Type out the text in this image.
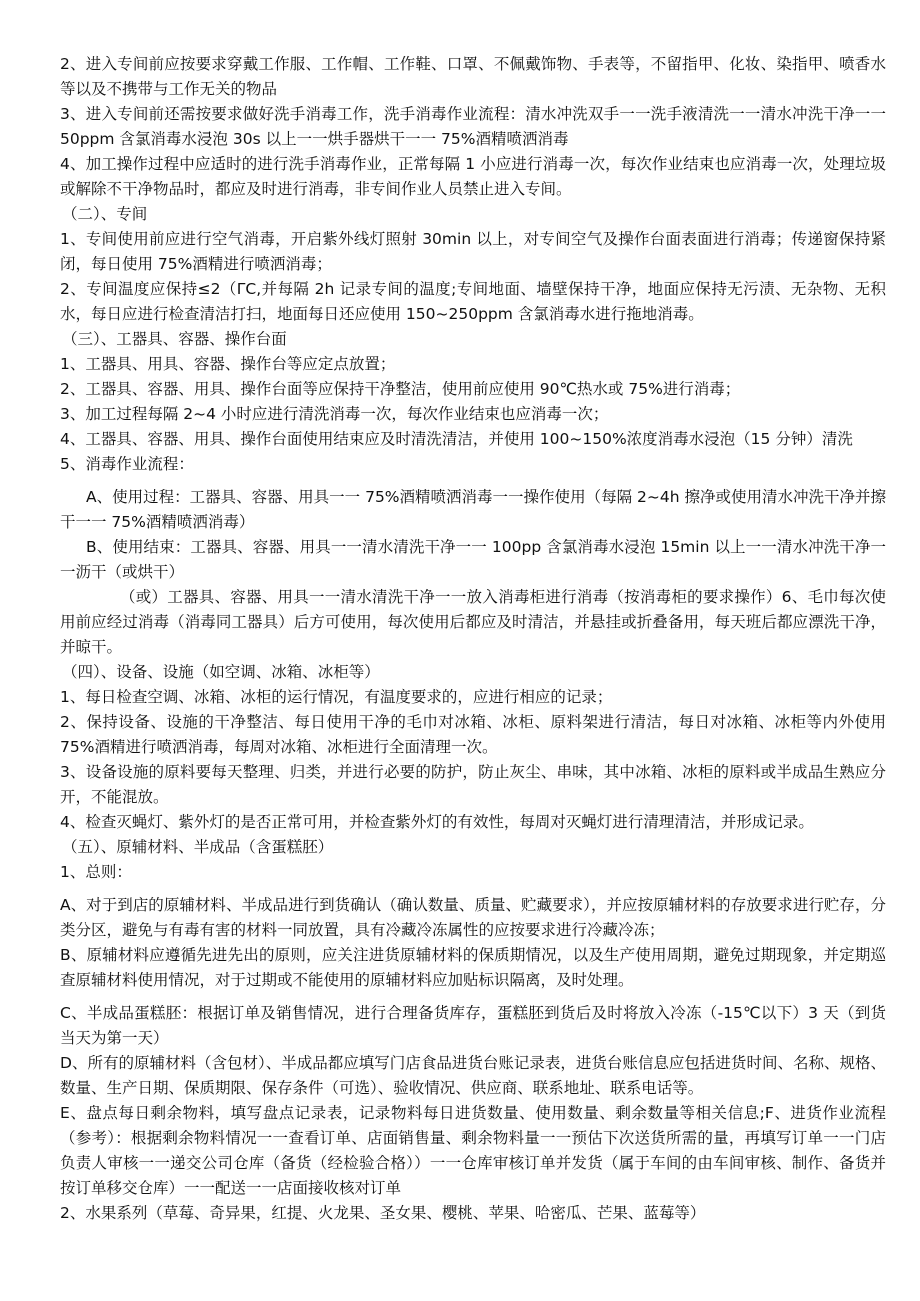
2、进入专间前应按要求穿戴工作服、工作帽、工作鞋、口罩、不佩戴饰物、手表等，不留指甲、化妆、染指甲、喷香水等以及不携带与工作无关的物品

3、进入专间前还需按要求做好洗手消毒工作，洗手消毒作业流程：清水冲洗双手一一洗手液清洗一一清水冲洗干净一一 50ppm 含氯消毒水浸泡 30s 以上一一烘手器烘干一一 75%酒精喷洒消毒

4、加工操作过程中应适时的进行洗手消毒作业，正常每隔 1 小应进行消毒一次，每次作业结束也应消毒一次，处理垃圾或解除不干净物品时，都应及时进行消毒，非专间作业人员禁止进入专间。

（二）、专间

1、专间使用前应进行空气消毒，开启紫外线灯照射 30min 以上，对专间空气及操作台面表面进行消毒；传递窗保持紧闭，每日使用 75%酒精进行喷洒消毒；

2、专间温度应保持≤2（ΓC,并每隔 2h 记录专间的温度;专间地面、墙壁保持干净，地面应保持无污渍、无杂物、无积水，每日应进行检查清洁打扫，地面每日还应使用 150~250ppm 含氯消毒水进行拖地消毒。

（三）、工器具、容器、操作台面

1、工器具、用具、容器、操作台等应定点放置；

2、工器具、容器、用具、操作台面等应保持干净整洁，使用前应使用 90℃热水或 75%进行消毒；

3、加工过程每隔 2~4 小时应进行清洗消毒一次，每次作业结束也应消毒一次；

4、工器具、容器、用具、操作台面使用结束应及时清洗清洁，并使用 100~150%浓度消毒水浸泡（15 分钟）清洗

5、消毒作业流程：

A、使用过程：工器具、容器、用具一一 75%酒精喷洒消毒一一操作使用（每隔 2~4h 擦净或使用清水冲洗干净并擦干一一 75%酒精喷洒消毒）

B、使用结束：工器具、容器、用具一一清水清洗干净一一 100pp 含氯消毒水浸泡 15min 以上一一清水冲洗干净一一沥干（或烘干）

（或）工器具、容器、用具一一清水清洗干净一一放入消毒柜进行消毒（按消毒柜的要求操作）6、毛巾每次使用前应经过消毒（消毒同工器具）后方可使用，每次使用后都应及时清洁，并悬挂或折叠备用，每天班后都应漂洗干净，并晾干。

（四）、设备、设施（如空调、冰箱、冰柜等）

1、每日检查空调、冰箱、冰柜的运行情况，有温度要求的，应进行相应的记录；

2、保持设备、设施的干净整洁、每日使用干净的毛巾对冰箱、冰柜、原料架进行清洁，每日对冰箱、冰柜等内外使用 75%酒精进行喷洒消毒，每周对冰箱、冰柜进行全面清理一次。

3、设备设施的原料要每天整理、归类，并进行必要的防护，防止灰尘、串味，其中冰箱、冰柜的原料或半成品生熟应分开，不能混放。

4、检查灭蝇灯、紫外灯的是否正常可用，并检查紫外灯的有效性，每周对灭蝇灯进行清理清洁，并形成记录。

（五）、原辅材料、半成品（含蛋糕胚）

1、总则：

A、对于到店的原辅材料、半成品进行到货确认（确认数量、质量、贮藏要求），并应按原辅材料的存放要求进行贮存，分类分区，避免与有毒有害的材料一同放置，具有冷藏冷冻属性的应按要求进行冷藏冷冻；

B、原辅材料应遵循先进先出的原则，应关注进货原辅材料的保质期情况，以及生产使用周期，避免过期现象，并定期巡查原辅材料使用情况，对于过期或不能使用的原辅材料应加贴标识隔离，及时处理。

C、半成品蛋糕胚：根据订单及销售情况，进行合理备货库存，蛋糕胚到货后及时将放入冷冻（-15℃以下）3 天（到货当天为第一天）

D、所有的原辅材料（含包材）、半成品都应填写门店食品进货台账记录表，进货台账信息应包括进货时间、名称、规格、数量、生产日期、保质期限、保存条件（可选）、验收情况、供应商、联系地址、联系电话等。

E、盘点每日剩余物料，填写盘点记录表，记录物料每日进货数量、使用数量、剩余数量等相关信息;F、进货作业流程（参考）：根据剩余物料情况一一查看订单、店面销售量、剩余物料量一一预估下次送货所需的量，再填写订单一一门店负责人审核一一递交公司仓库（备货（经检验合格））一一仓库审核订单并发货（属于车间的由车间审核、制作、备货并按订单移交仓库）一一配送一一店面接收核对订单

2、水果系列（草莓、奇异果，红提、火龙果、圣女果、樱桃、苹果、哈密瓜、芒果、蓝莓等）
